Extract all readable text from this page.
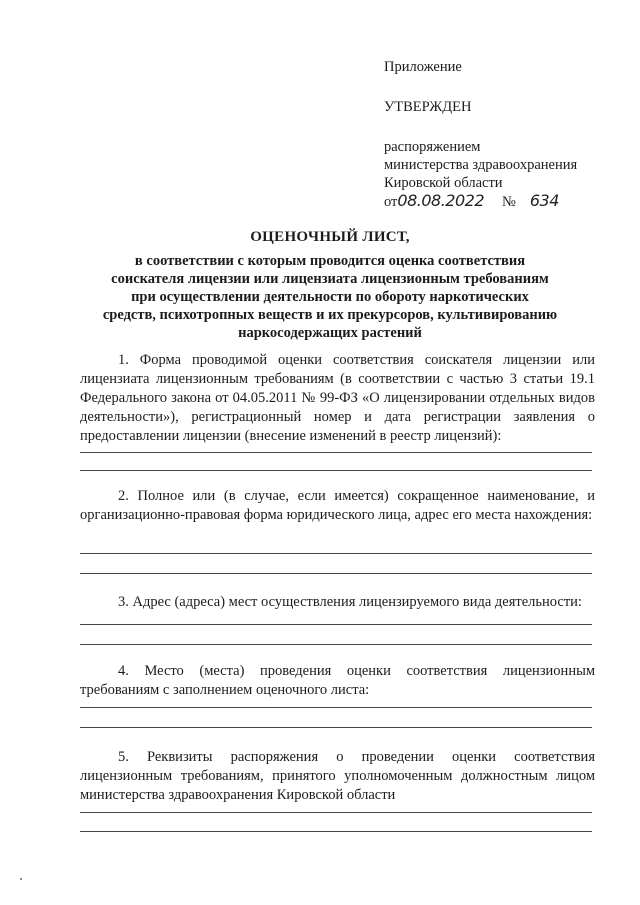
Приложение
УТВЕРЖДЕН
распоряжением
министерства здравоохранения
Кировской области
от08.08.2022 № 634
ОЦЕНОЧНЫЙ ЛИСТ,
в соответствии с которым проводится оценка соответствия
соискателя лицензии или лицензиата лицензионным требованиям
при осуществлении деятельности по обороту наркотических
средств, психотропных веществ и их прекурсоров, культивированию
наркосодержащих растений

1. Форма проводимой оценки соответствия соискателя лицензии или лицензиата лицензионным требованиям (в соответствии с частью 3 статьи 19.1 Федерального закона от 04.05.2011 № 99-ФЗ «О лицензировании отдельных видов деятельности»), регистрационный номер и дата регистрации заявления о предоставлении лицензии (внесение изменений в реестр лицензий):

2. Полное или (в случае, если имеется) сокращенное наименование, и организационно-правовая форма юридического лица, адрес его места нахождения:

3. Адрес (адреса) мест осуществления лицензируемого вида деятельности:

4. Место (места) проведения оценки соответствия лицензионным требованиям с заполнением оценочного листа:

5. Реквизиты распоряжения о проведении оценки соответствия лицензионным требованиям, принятого уполномоченным должностным лицом министерства здравоохранения Кировской области
